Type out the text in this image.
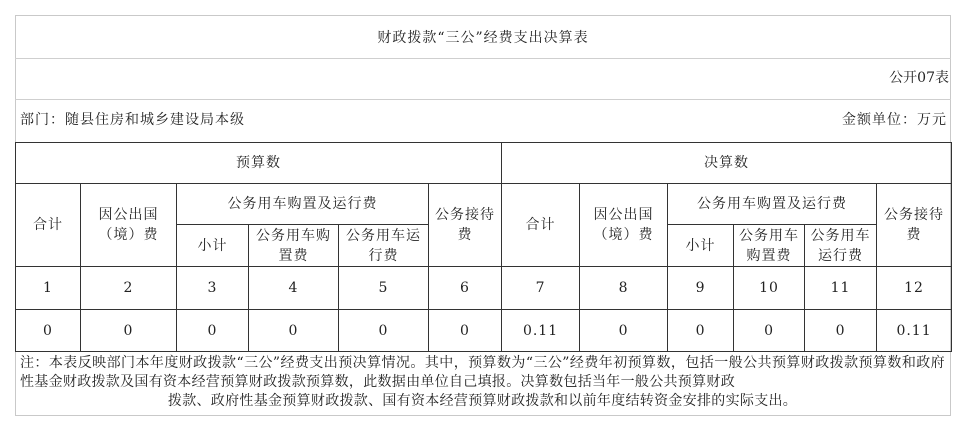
财政拨款“三公”经费支出决算表
公开07表
部门：随县住房和城乡建设局本级	金额单位：万元
预算数						决算数					
合计	因公出国（境）费	公务用车购置及运行费			公务接待费	合计	因公出国（境）费	公务用车购置及运行费			公务接待费
		小计	公务用车购置费	公务用车运行费				小计	公务用车购置费	公务用车运行费	
1	2	3	4	5	6	7	8	9	10	11	12
0	0	0	0	0	0	0.11	0	0	0	0	0.11
注：本表反映部门本年度财政拨款“三公”经费支出预决算情况。其中，预算数为“三公”经费年初预算数，包括一般公共预算财政拨款预算数和政府性基金财政拨款及国有资本经营预算财政拨款预算数，此数据由单位自己填报。决算数包括当年一般公共预算财政
拨款、政府性基金预算财政拨款、国有资本经营预算财政拨款和以前年度结转资金安排的实际支出。
